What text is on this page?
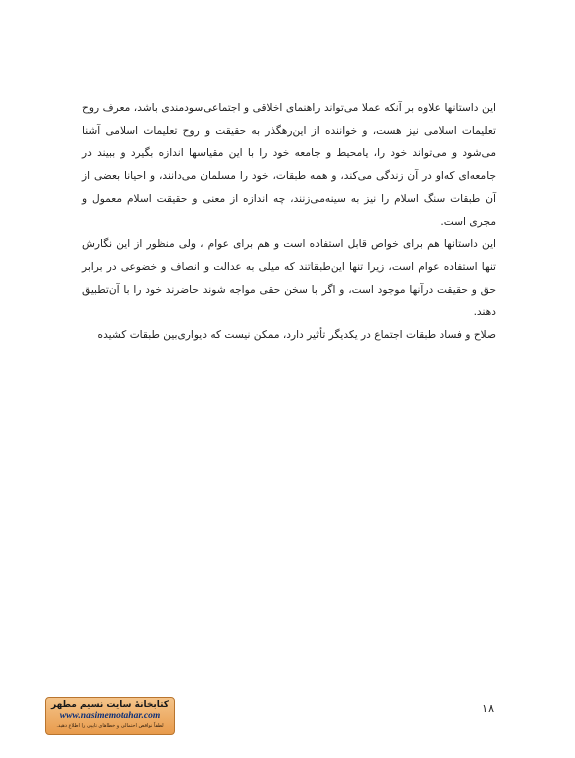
این داستانها علاوه بر آنکه عملا می‌تواند راهنمای اخلاقی و اجتماعی‌سودمندی باشد، معرف روح تعلیمات اسلامی نیز هست، و خواننده از این‌رهگذر به حقیقت و روح تعلیمات اسلامی آشنا می‌شود و می‌تواند خود را، یامحیط و جامعه خود را با این مقیاسها اندازه بگیرد و ببیند در جامعه‌ای که‌او در آن زندگی می‌کند، و همه طبقات، خود را مسلمان می‌دانند، و احیانا بعضی از آن طبقات سنگ اسلام را نیز به سینه‌می‌زنند، چه اندازه از معنی و حقیقت اسلام معمول و مجری است.

این داستانها هم برای خواص قابل استفاده است و هم برای عوام ، ولی منظور از این نگارش تنها استفاده عوام است، زیرا تنها این‌طبقاتند که میلی به عدالت و انصاف و خضوعی در برابر حق و حقیقت درآنها موجود است، و اگر با سخن حقی مواجه شوند حاضرند خود را با آن‌تطبیق دهند.

صلاح و فساد طبقات اجتماع در یکدیگر تأثیر دارد، ممکن نیست که دیواری‌بین طبقات کشیده

۱۸
کتابخانهٔ سایت نسیم مطهر
www.nasimemotahar.com
لطفاً نواقص احتمالی و خطاهای تایپی را اطلاع دهید.
